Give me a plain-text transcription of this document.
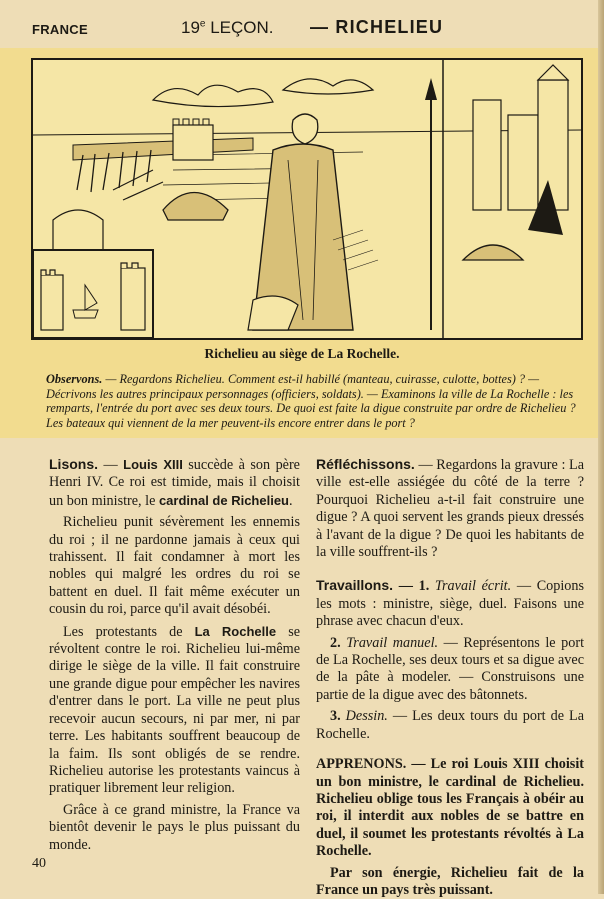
FRANCE	19e LEÇON. — RICHELIEU
Richelieu au siège de La Rochelle.
Observons. — Regardons Richelieu. Comment est-il habillé (manteau, cuirasse, culotte, bottes) ? — Décrivons les autres principaux personnages (officiers, soldats). — Examinons la ville de La Rochelle : les remparts, l'entrée du port avec ses deux tours. De quoi est faite la digue construite par ordre de Richelieu ? Les bateaux qui viennent de la mer peuvent-ils encore entrer dans le port ?

Lisons. — Louis XIII succède à son père Henri IV. Ce roi est timide, mais il choisit un bon ministre, le cardinal de Richelieu.

Richelieu punit sévèrement les ennemis du roi ; il ne pardonne jamais à ceux qui trahissent. Il fait condamner à mort les nobles qui malgré les ordres du roi se battent en duel. Il fait même exécuter un cousin du roi, parce qu'il avait désobéi.

Les protestants de La Rochelle se révoltent contre le roi. Richelieu lui-même dirige le siège de la ville. Il fait construire une grande digue pour empêcher les navires d'entrer dans le port. La ville ne peut plus recevoir aucun secours, ni par mer, ni par terre. Les habitants souffrent beaucoup de la faim. Ils sont obligés de se rendre. Richelieu autorise les protestants vaincus à pratiquer librement leur religion.

Grâce à ce grand ministre, la France va bientôt devenir le pays le plus puissant du monde.

Réfléchissons. — Regardons la gravure : La ville est-elle assiégée du côté de la terre ? Pourquoi Richelieu a-t-il fait construire une digue ? A quoi servent les grands pieux dressés à l'avant de la digue ? De quoi les habitants de la ville souffrent-ils ?

Travaillons. — 1. Travail écrit. — Copions les mots : ministre, siège, duel. Faisons une phrase avec chacun d'eux.

2. Travail manuel. — Représentons le port de La Rochelle, ses deux tours et sa digue avec de la pâte à modeler. — Construisons une partie de la digue avec des bâtonnets.

3. Dessin. — Les deux tours du port de La Rochelle.

APPRENONS. — Le roi Louis XIII choisit un bon ministre, le cardinal de Richelieu. Richelieu oblige tous les Français à obéir au roi, il interdit aux nobles de se battre en duel, il soumet les protestants révoltés à La Rochelle.

Par son énergie, Richelieu fait de la France un pays très puissant.

40
